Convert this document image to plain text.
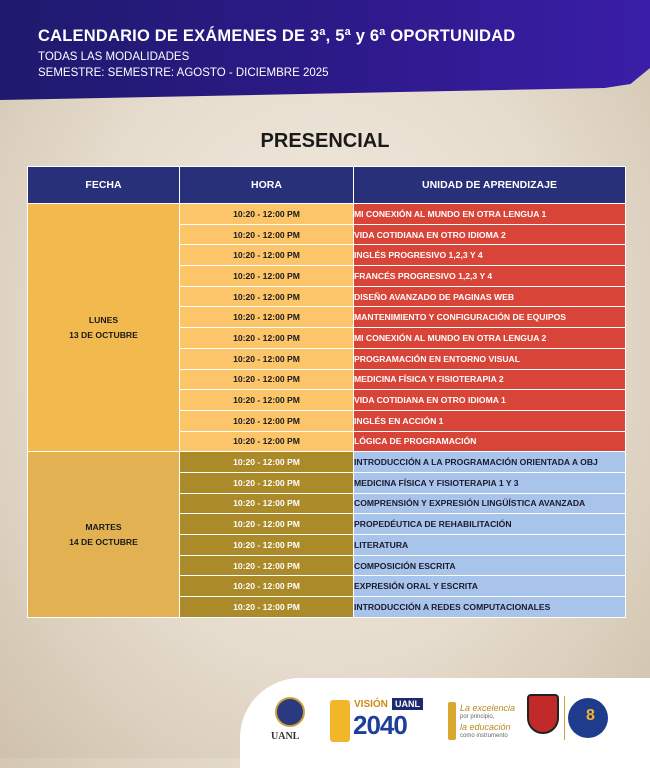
CALENDARIO DE EXÁMENES DE 3ª, 5ª y 6ª OPORTUNIDAD
TODAS LAS MODALIDADES
SEMESTRE: SEMESTRE: AGOSTO - DICIEMBRE 2025
PRESENCIAL
FECHA	HORA	UNIDAD DE APRENDIZAJE

LUNES
13 DE OCTUBRE	10:20 - 12:00 PM	MI CONEXIÓN AL MUNDO EN OTRA LENGUA 1
	10:20 - 12:00 PM	VIDA COTIDIANA EN OTRO IDIOMA 2
	10:20 - 12:00 PM	INGLÉS PROGRESIVO 1,2,3 Y 4
	10:20 - 12:00 PM	FRANCÉS PROGRESIVO 1,2,3 Y 4
	10:20 - 12:00 PM	DISEÑO AVANZADO DE PAGINAS WEB
	10:20 - 12:00 PM	MANTENIMIENTO Y CONFIGURACIÓN DE EQUIPOS
	10:20 - 12:00 PM	MI CONEXIÓN AL MUNDO EN OTRA LENGUA 2
	10:20 - 12:00 PM	PROGRAMACIÓN EN ENTORNO VISUAL
	10:20 - 12:00 PM	MEDICINA FÍSICA Y FISIOTERAPIA 2
	10:20 - 12:00 PM	VIDA COTIDIANA EN OTRO IDIOMA 1
	10:20 - 12:00 PM	INGLÉS EN ACCIÓN 1
	10:20 - 12:00 PM	LÓGICA DE PROGRAMACIÓN

MARTES
14 DE OCTUBRE	10:20 - 12:00 PM	INTRODUCCIÓN A LA PROGRAMACIÓN ORIENTADA A OBJ
	10:20 - 12:00 PM	MEDICINA FÍSICA Y FISIOTERAPIA 1 Y 3
	10:20 - 12:00 PM	COMPRENSIÓN Y EXPRESIÓN LINGÜÍSTICA AVANZADA
	10:20 - 12:00 PM	PROPEDÉUTICA DE REHABILITACIÓN
	10:20 - 12:00 PM	LITERATURA
	10:20 - 12:00 PM	COMPOSICIÓN ESCRITA
	10:20 - 12:00 PM	EXPRESIÓN ORAL Y ESCRITA
	10:20 - 12:00 PM	INTRODUCCIÓN A REDES COMPUTACIONALES
UANL
VISIÓN UANL
2040
La excelencia
por principio,
la educación
como instrumento
8
